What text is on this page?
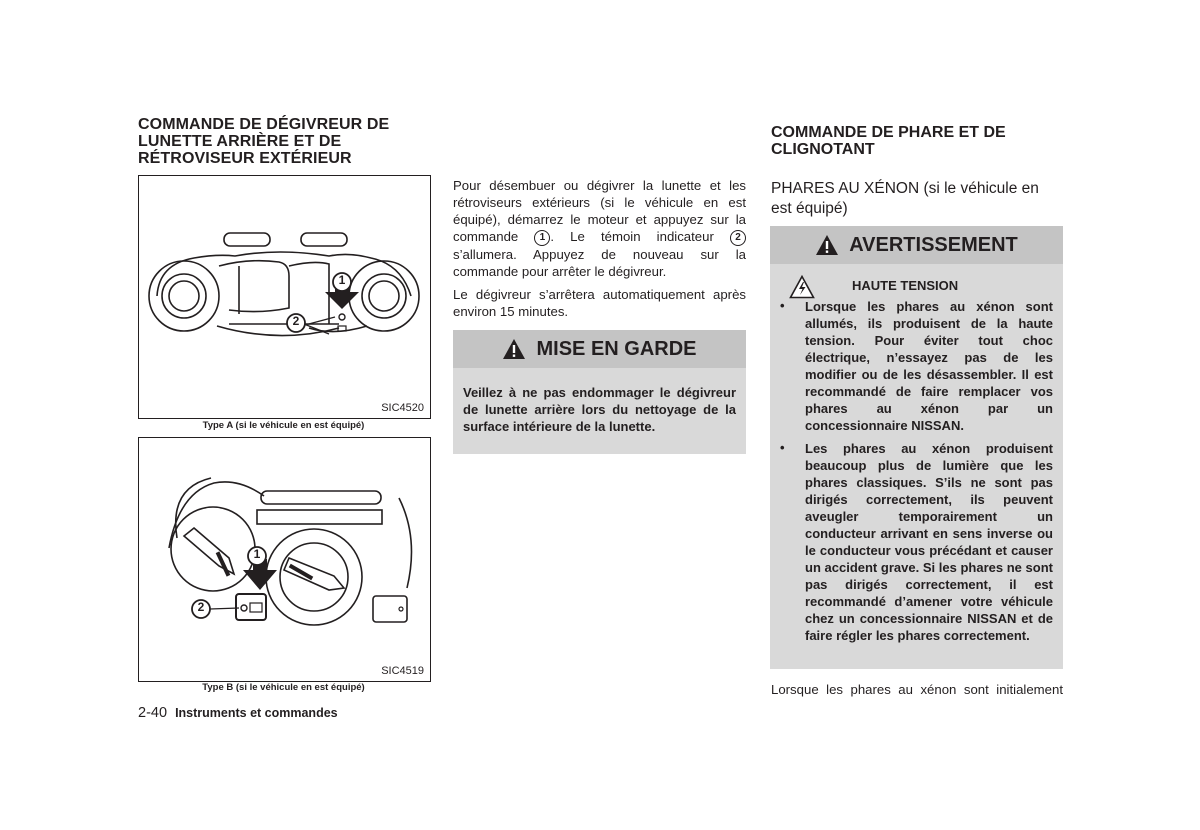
COMMANDE DE DÉGIVREUR DE
LUNETTE ARRIÈRE ET DE
RÉTROVISEUR EXTÉRIEUR
1
2
SIC4520
Type A (si le véhicule en est équipé)
1
2
SIC4519
Type B (si le véhicule en est équipé)
Pour désembuer ou dégivrer la lunette et les rétroviseurs extérieurs (si le véhicule en est équipé), démarrez le moteur et appuyez sur la commande 1 . Le témoin indicateur 2 s’allumera. Appuyez de nouveau sur la commande pour arrêter le dégivreur.
Le dégivreur s’arrêtera automatiquement après environ 15 minutes.
MISE EN GARDE
Veillez à ne pas endommager le dégivreur de lunette arrière lors du nettoyage de la surface intérieure de la lunette.
COMMANDE DE PHARE ET DE
CLIGNOTANT
PHARES AU XÉNON (si le véhicule en est équipé)
AVERTISSEMENT
HAUTE TENSION
• Lorsque les phares au xénon sont allumés, ils produisent de la haute tension. Pour éviter tout choc électrique, n’essayez pas de les modifier ou de les désassembler. Il est recommandé de faire remplacer vos phares au xénon par un concessionnaire NISSAN.
• Les phares au xénon produisent beaucoup plus de lumière que les phares classiques. S’ils ne sont pas dirigés correctement, ils peuvent aveugler temporairement un conducteur arrivant en sens inverse ou le conducteur vous précédant et causer un accident grave. Si les phares ne sont pas dirigés correctement, il est recommandé d’amener votre véhicule chez un concessionnaire NISSAN et de faire régler les phares correctement.
Lorsque les phares au xénon sont initialement
2-40 Instruments et commandes
